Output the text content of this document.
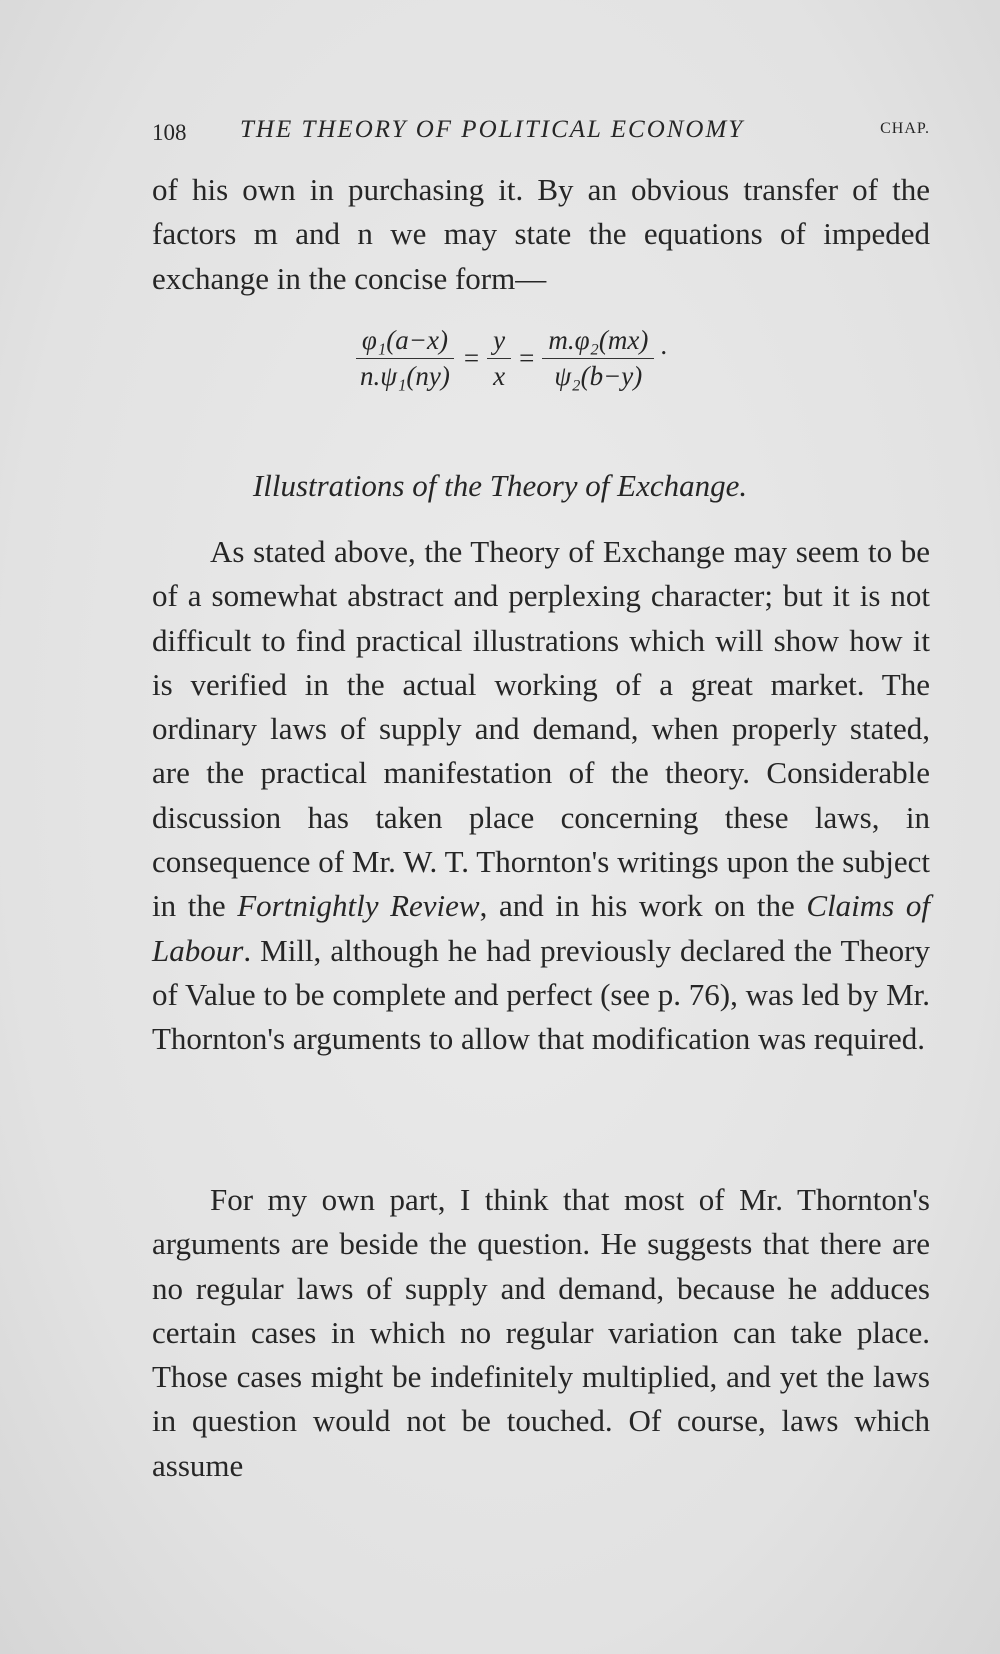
108 THE THEORY OF POLITICAL ECONOMY	CHAP.

of his own in purchasing it. By an obvious transfer of the factors m and n we may state the equations of impeded exchange in the concise form—

$\frac{\text{φ₁(a−x)}}{\text{n.ψ₁(ny)}} = \frac{y}{x} = \frac{\text{m.φ₂(mx)}}{\text{ψ₂(b−y)}}$ .
Illustrations of the Theory of Exchange.

As stated above, the Theory of Exchange may seem to be of a somewhat abstract and perplexing character; but it is not difficult to find practical illustrations which will show how it is verified in the actual working of a great market. The ordinary laws of supply and demand, when properly stated, are the practical manifestation of the theory. Considerable discussion has taken place concerning these laws, in consequence of Mr. W. T. Thornton's writings upon the subject in the Fortnightly Review, and in his work on the Claims of Labour. Mill, although he had previously declared the Theory of Value to be complete and perfect (see p. 76), was led by Mr. Thornton's arguments to allow that modification was required.

For my own part, I think that most of Mr. Thornton's arguments are beside the question. He suggests that there are no regular laws of supply and demand, because he adduces certain cases in which no regular variation can take place. Those cases might be indefinitely multiplied, and yet the laws in question would not be touched. Of course, laws which assume
